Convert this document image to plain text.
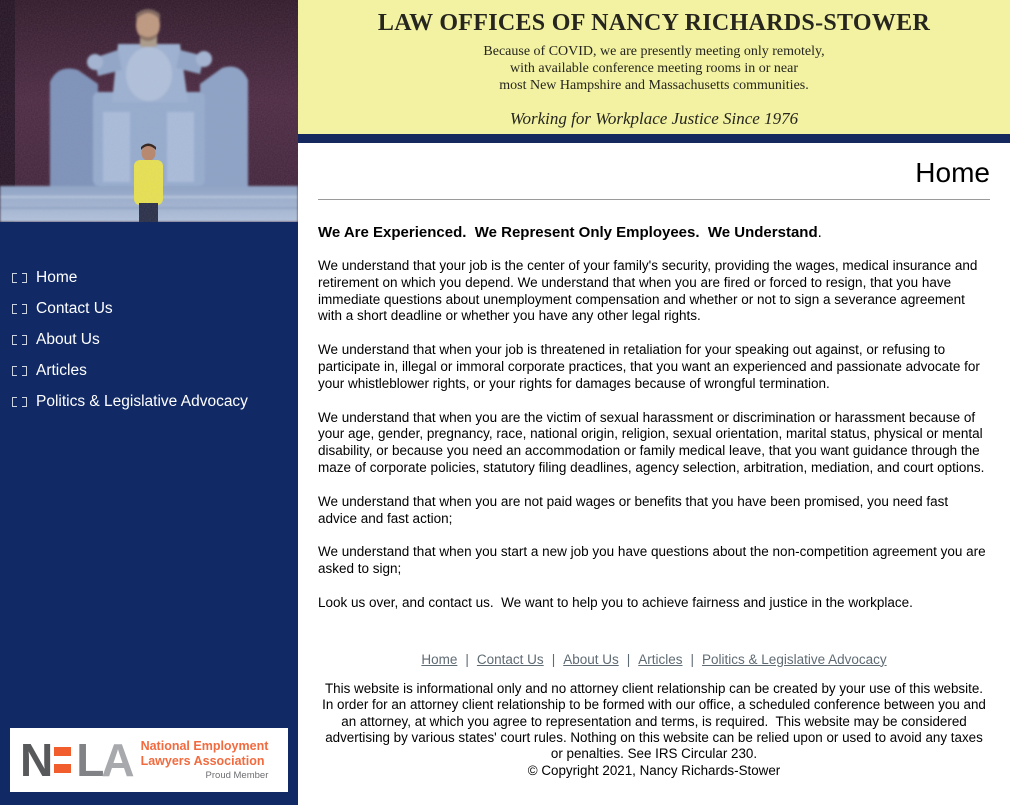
Home
Contact Us
About Us
Articles
Politics & Legislative Advocacy
N L A National Employment
Lawyers Association
Proud Member
LAW OFFICES OF NANCY RICHARDS-STOWER
Because of COVID, we are presently meeting only remotely,
with available conference meeting rooms in or near
most New Hampshire and Massachusetts communities.
Working for Workplace Justice Since 1976
Home
We Are Experienced.  We Represent Only Employees.  We Understand.

We understand that your job is the center of your family's security, providing the wages, medical insurance and retirement on which you depend. We understand that when you are fired or forced to resign, that you have immediate questions about unemployment compensation and whether or not to sign a severance agreement with a short deadline or whether you have any other legal rights.

We understand that when your job is threatened in retaliation for your speaking out against, or refusing to participate in, illegal or immoral corporate practices, that you want an experienced and passionate advocate for your whistleblower rights, or your rights for damages because of wrongful termination.

We understand that when you are the victim of sexual harassment or discrimination or harassment because of your age, gender, pregnancy, race, national origin, religion, sexual orientation, marital status, physical or mental disability, or because you need an accommodation or family medical leave, that you want guidance through the maze of corporate policies, statutory filing deadlines, agency selection, arbitration, mediation, and court options.

We understand that when you are not paid wages or benefits that you have been promised, you need fast advice and fast action;

We understand that when you start a new job you have questions about the non-competition agreement you are asked to sign;

Look us over, and contact us.  We want to help you to achieve fairness and justice in the workplace.

Home | Contact Us | About Us | Articles | Politics & Legislative Advocacy
This website is informational only and no attorney client relationship can be created by your use of this website.  In order for an attorney client relationship to be formed with our office, a scheduled conference between you and an attorney, at which you agree to representation and terms, is required.  This website may be considered advertising by various states' court rules. Nothing on this website can be relied upon or used to avoid any taxes or penalties. See IRS Circular 230.
© Copyright 2021, Nancy Richards-Stower
